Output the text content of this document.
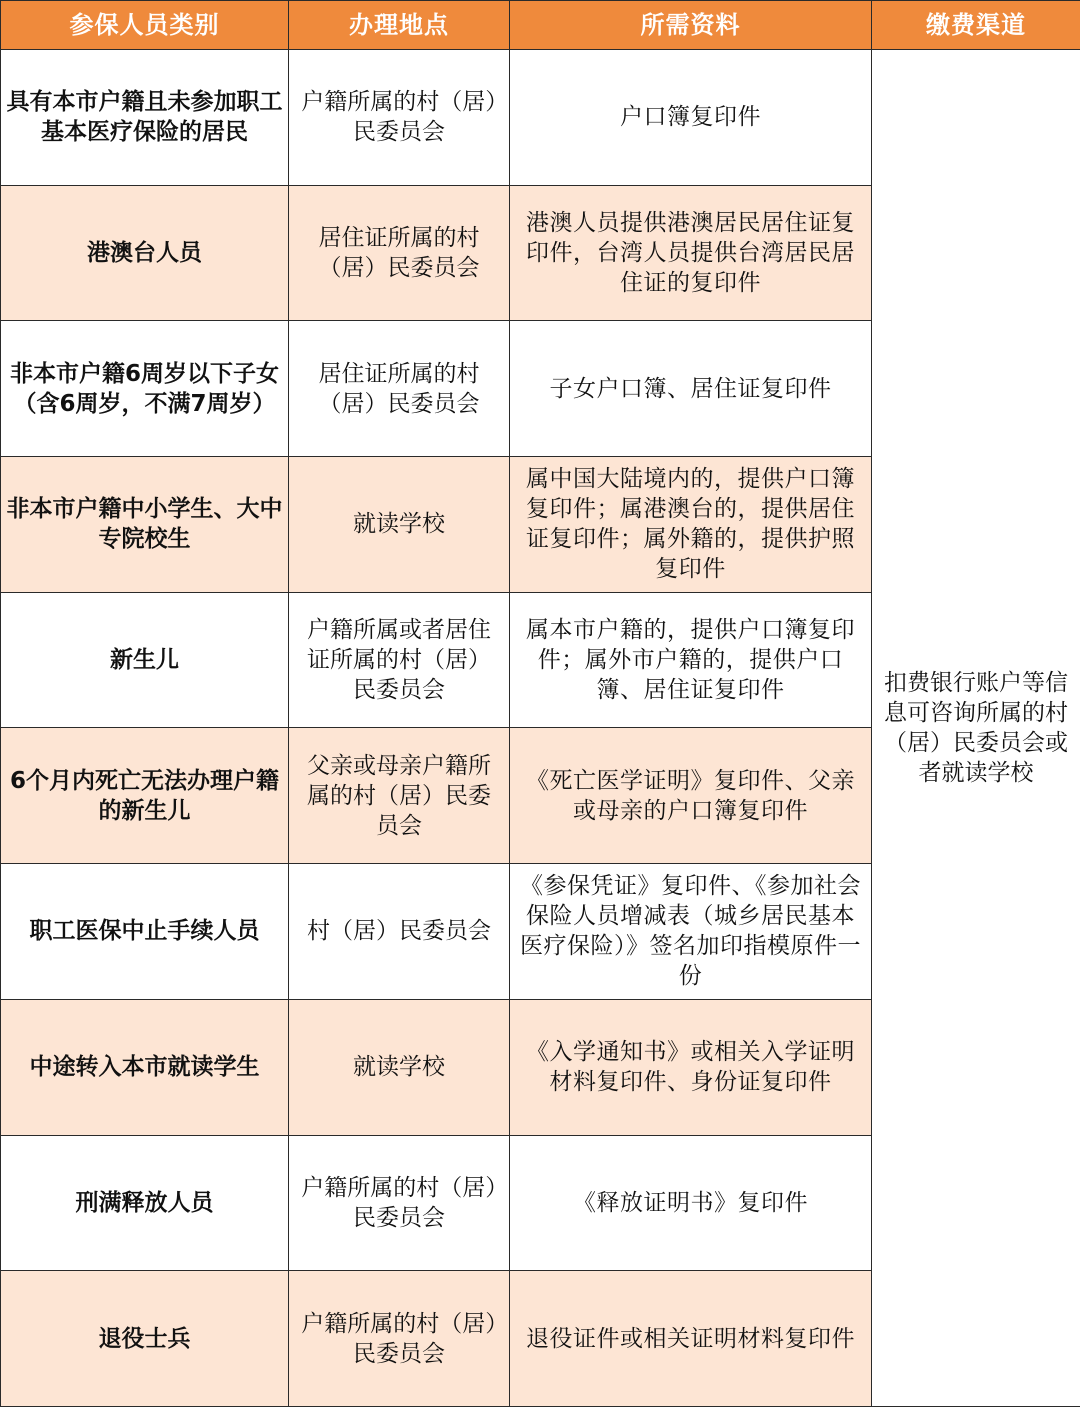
参保人员类别	办理地点	所需资料	缴费渠道
具有本市户籍且未参加职工基本医疗保险的居民	户籍所属的村（居）民委员会	户口簿复印件	扣费银行账户等信息可咨询所属的村（居）民委员会或者就读学校
港澳台人员	居住证所属的村（居）民委员会	港澳人员提供港澳居民居住证复印件，台湾人员提供台湾居民居住证的复印件	
非本市户籍6周岁以下子女（含6周岁，不满7周岁）	居住证所属的村（居）民委员会	子女户口簿、居住证复印件	
非本市户籍中小学生、大中专院校生	就读学校	属中国大陆境内的，提供户口簿复印件；属港澳台的，提供居住证复印件；属外籍的，提供护照复印件	
新生儿	户籍所属或者居住证所属的村（居）民委员会	属本市户籍的，提供户口簿复印件；属外市户籍的，提供户口簿、居住证复印件	
6个月内死亡无法办理户籍的新生儿	父亲或母亲户籍所属的村（居）民委员会	《死亡医学证明》复印件、父亲或母亲的户口簿复印件	
职工医保中止手续人员	村（居）民委员会	《参保凭证》复印件、《参加社会保险人员增减表（城乡居民基本医疗保险）》签名加印指模原件一份	
中途转入本市就读学生	就读学校	《入学通知书》或相关入学证明材料复印件、身份证复印件	
刑满释放人员	户籍所属的村（居）民委员会	《释放证明书》复印件	
退役士兵	户籍所属的村（居）民委员会	退役证件或相关证明材料复印件	
